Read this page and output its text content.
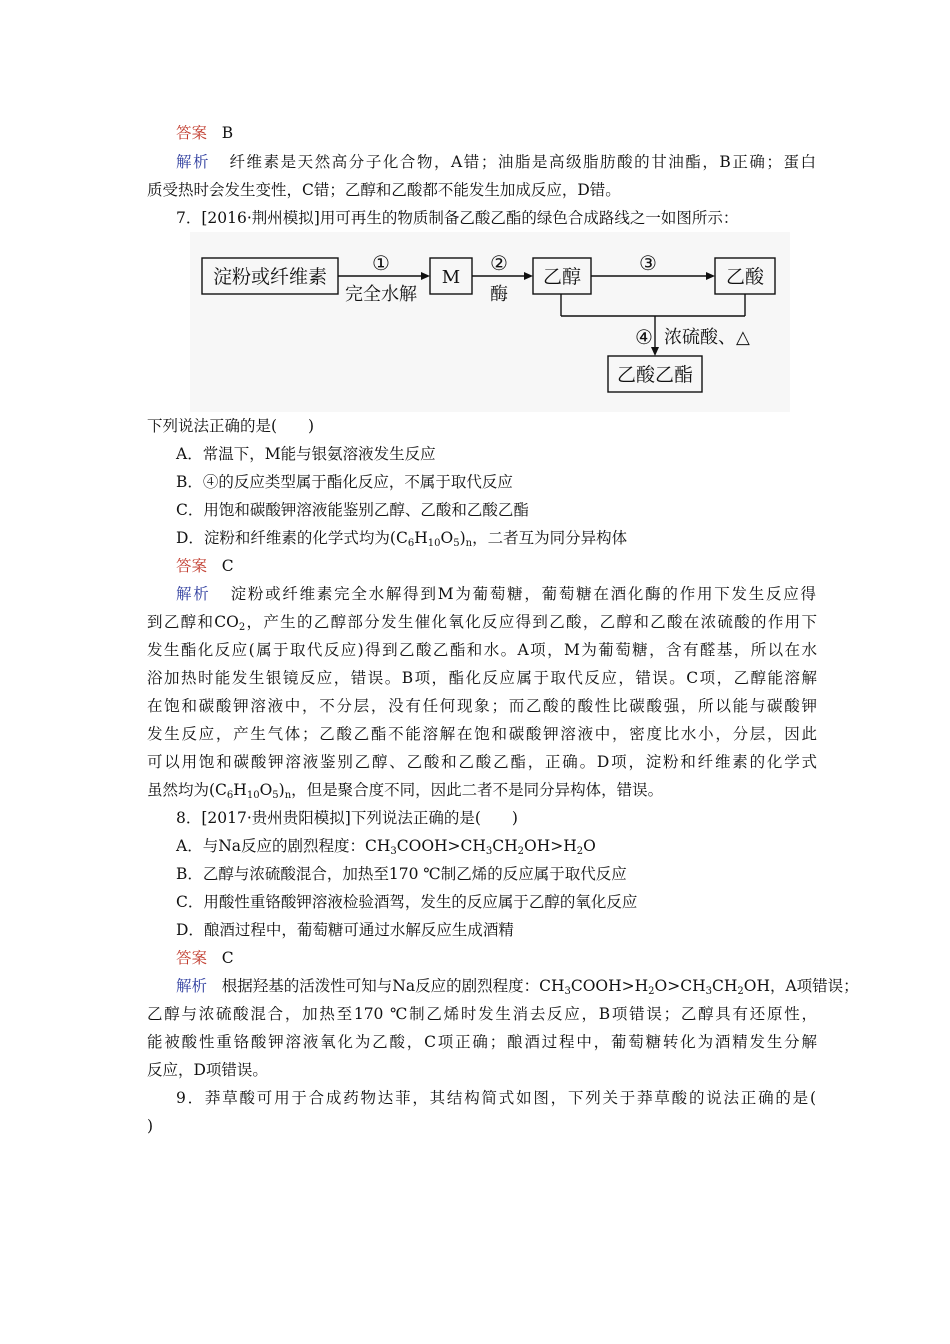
答案 B
解析 纤维素是天然高分子化合物，A错；油脂是高级脂肪酸的甘油酯，B正确；蛋白
质受热时会发生变性，C错；乙醇和乙酸都不能发生加成反应，D错。
7．[2016·荆州模拟]用可再生的物质制备乙酸乙酯的绿色合成路线之一如图所示：
淀粉或纤维素	M	乙醇	乙酸
乙酸乙酯
①
完全水解
②
酶
③
④ 浓硫酸、△
下列说法正确的是(　　)
A．常温下，M能与银氨溶液发生反应
B．④的反应类型属于酯化反应，不属于取代反应
C．用饱和碳酸钾溶液能鉴别乙醇、乙酸和乙酸乙酯
D．淀粉和纤维素的化学式均为$(C_6H_{10}O_5)_n$，二者互为同分异构体
答案 C
解析 淀粉或纤维素完全水解得到M为葡萄糖，葡萄糖在酒化酶的作用下发生反应得
到乙醇和$CO_2$，产生的乙醇部分发生催化氧化反应得到乙酸，乙醇和乙酸在浓硫酸的作用下
发生酯化反应(属于取代反应)得到乙酸乙酯和水。A项，M为葡萄糖，含有醛基，所以在水
浴加热时能发生银镜反应，错误。B项，酯化反应属于取代反应，错误。C项，乙醇能溶解
在饱和碳酸钾溶液中，不分层，没有任何现象；而乙酸的酸性比碳酸强，所以能与碳酸钾
发生反应，产生气体；乙酸乙酯不能溶解在饱和碳酸钾溶液中，密度比水小，分层，因此
可以用饱和碳酸钾溶液鉴别乙醇、乙酸和乙酸乙酯，正确。D项，淀粉和纤维素的化学式
虽然均为$(C_6H_{10}O_5)_n$，但是聚合度不同，因此二者不是同分异构体，错误。
8．[2017·贵州贵阳模拟]下列说法正确的是(　　)
A．与Na反应的剧烈程度：$CH_3COOH>CH_3CH_2OH>H_2O$
B．乙醇与浓硫酸混合，加热至170 ℃制乙烯的反应属于取代反应
C．用酸性重铬酸钾溶液检验酒驾，发生的反应属于乙醇的氧化反应
D．酿酒过程中，葡萄糖可通过水解反应生成酒精
答案 C
解析 根据羟基的活泼性可知与Na反应的剧烈程度：$CH_3COOH>H_2O>CH_3CH_2OH$，A项错误；
乙醇与浓硫酸混合，加热至170 ℃制乙烯时发生消去反应，B项错误；乙醇具有还原性，
能被酸性重铬酸钾溶液氧化为乙酸，C项正确；酿酒过程中，葡萄糖转化为酒精发生分解
反应，D项错误。
9．莽草酸可用于合成药物达菲，其结构简式如图，下列关于莽草酸的说法正确的是(
)
